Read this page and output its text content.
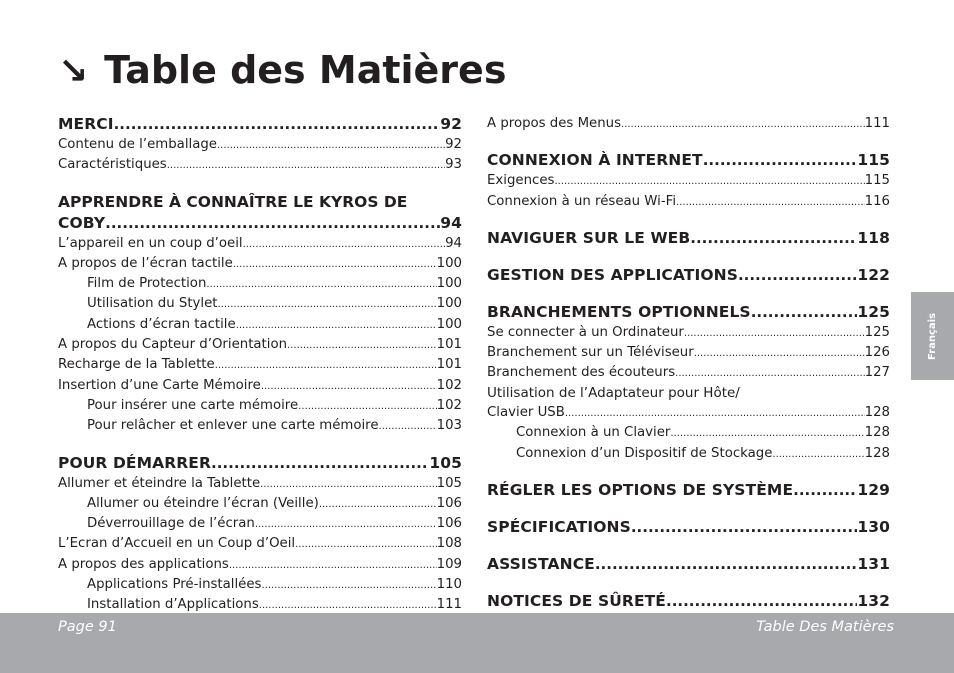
↘ Table des Matières
MERCI .....	92
Contenu de l’emballage .....	92
Caractéristiques .....	93
APPRENDRE À CONNAÎTRE LE KYROS DE
COBY .....	94
L’appareil en un coup d’oeil .....	94
A propos de l’écran tactile .....	100
Film de Protection .....	100
Utilisation du Stylet .....	100
Actions d’écran tactile .....	100
A propos du Capteur d’Orientation .....	101
Recharge de la Tablette .....	101
Insertion d’une Carte Mémoire .....	102
Pour insérer une carte mémoire .....	102
Pour relâcher et enlever une carte mémoire .....	103
POUR DÉMARRER .....	105
Allumer et éteindre la Tablette .....	105
Allumer ou éteindre l’écran (Veille) .....	106
Déverrouillage de l’écran .....	106
L’Ecran d’Accueil en un Coup d’Oeil .....	108
A propos des applications .....	109
Applications Pré-installées .....	110
Installation d’Applications .....	111
A propos des Menus .....	111
CONNEXION À INTERNET .....	115
Exigences .....	115
Connexion à un réseau Wi-Fi .....	116
NAVIGUER SUR LE WEB .....	118
GESTION DES APPLICATIONS .....	122
BRANCHEMENTS OPTIONNELS .....	125
Se connecter à un Ordinateur .....	125
Branchement sur un Téléviseur .....	126
Branchement des écouteurs .....	127
Utilisation de l’Adaptateur pour Hôte/
Clavier USB .....	128
Connexion à un Clavier .....	128
Connexion d’un Dispositif de Stockage .....	128
RÉGLER LES OPTIONS DE SYSTÈME .....	129
SPÉCIFICATIONS .....	130
ASSISTANCE .....	131
NOTICES DE SÛRETÉ .....	132
Français
Page 91	Table Des Matières
